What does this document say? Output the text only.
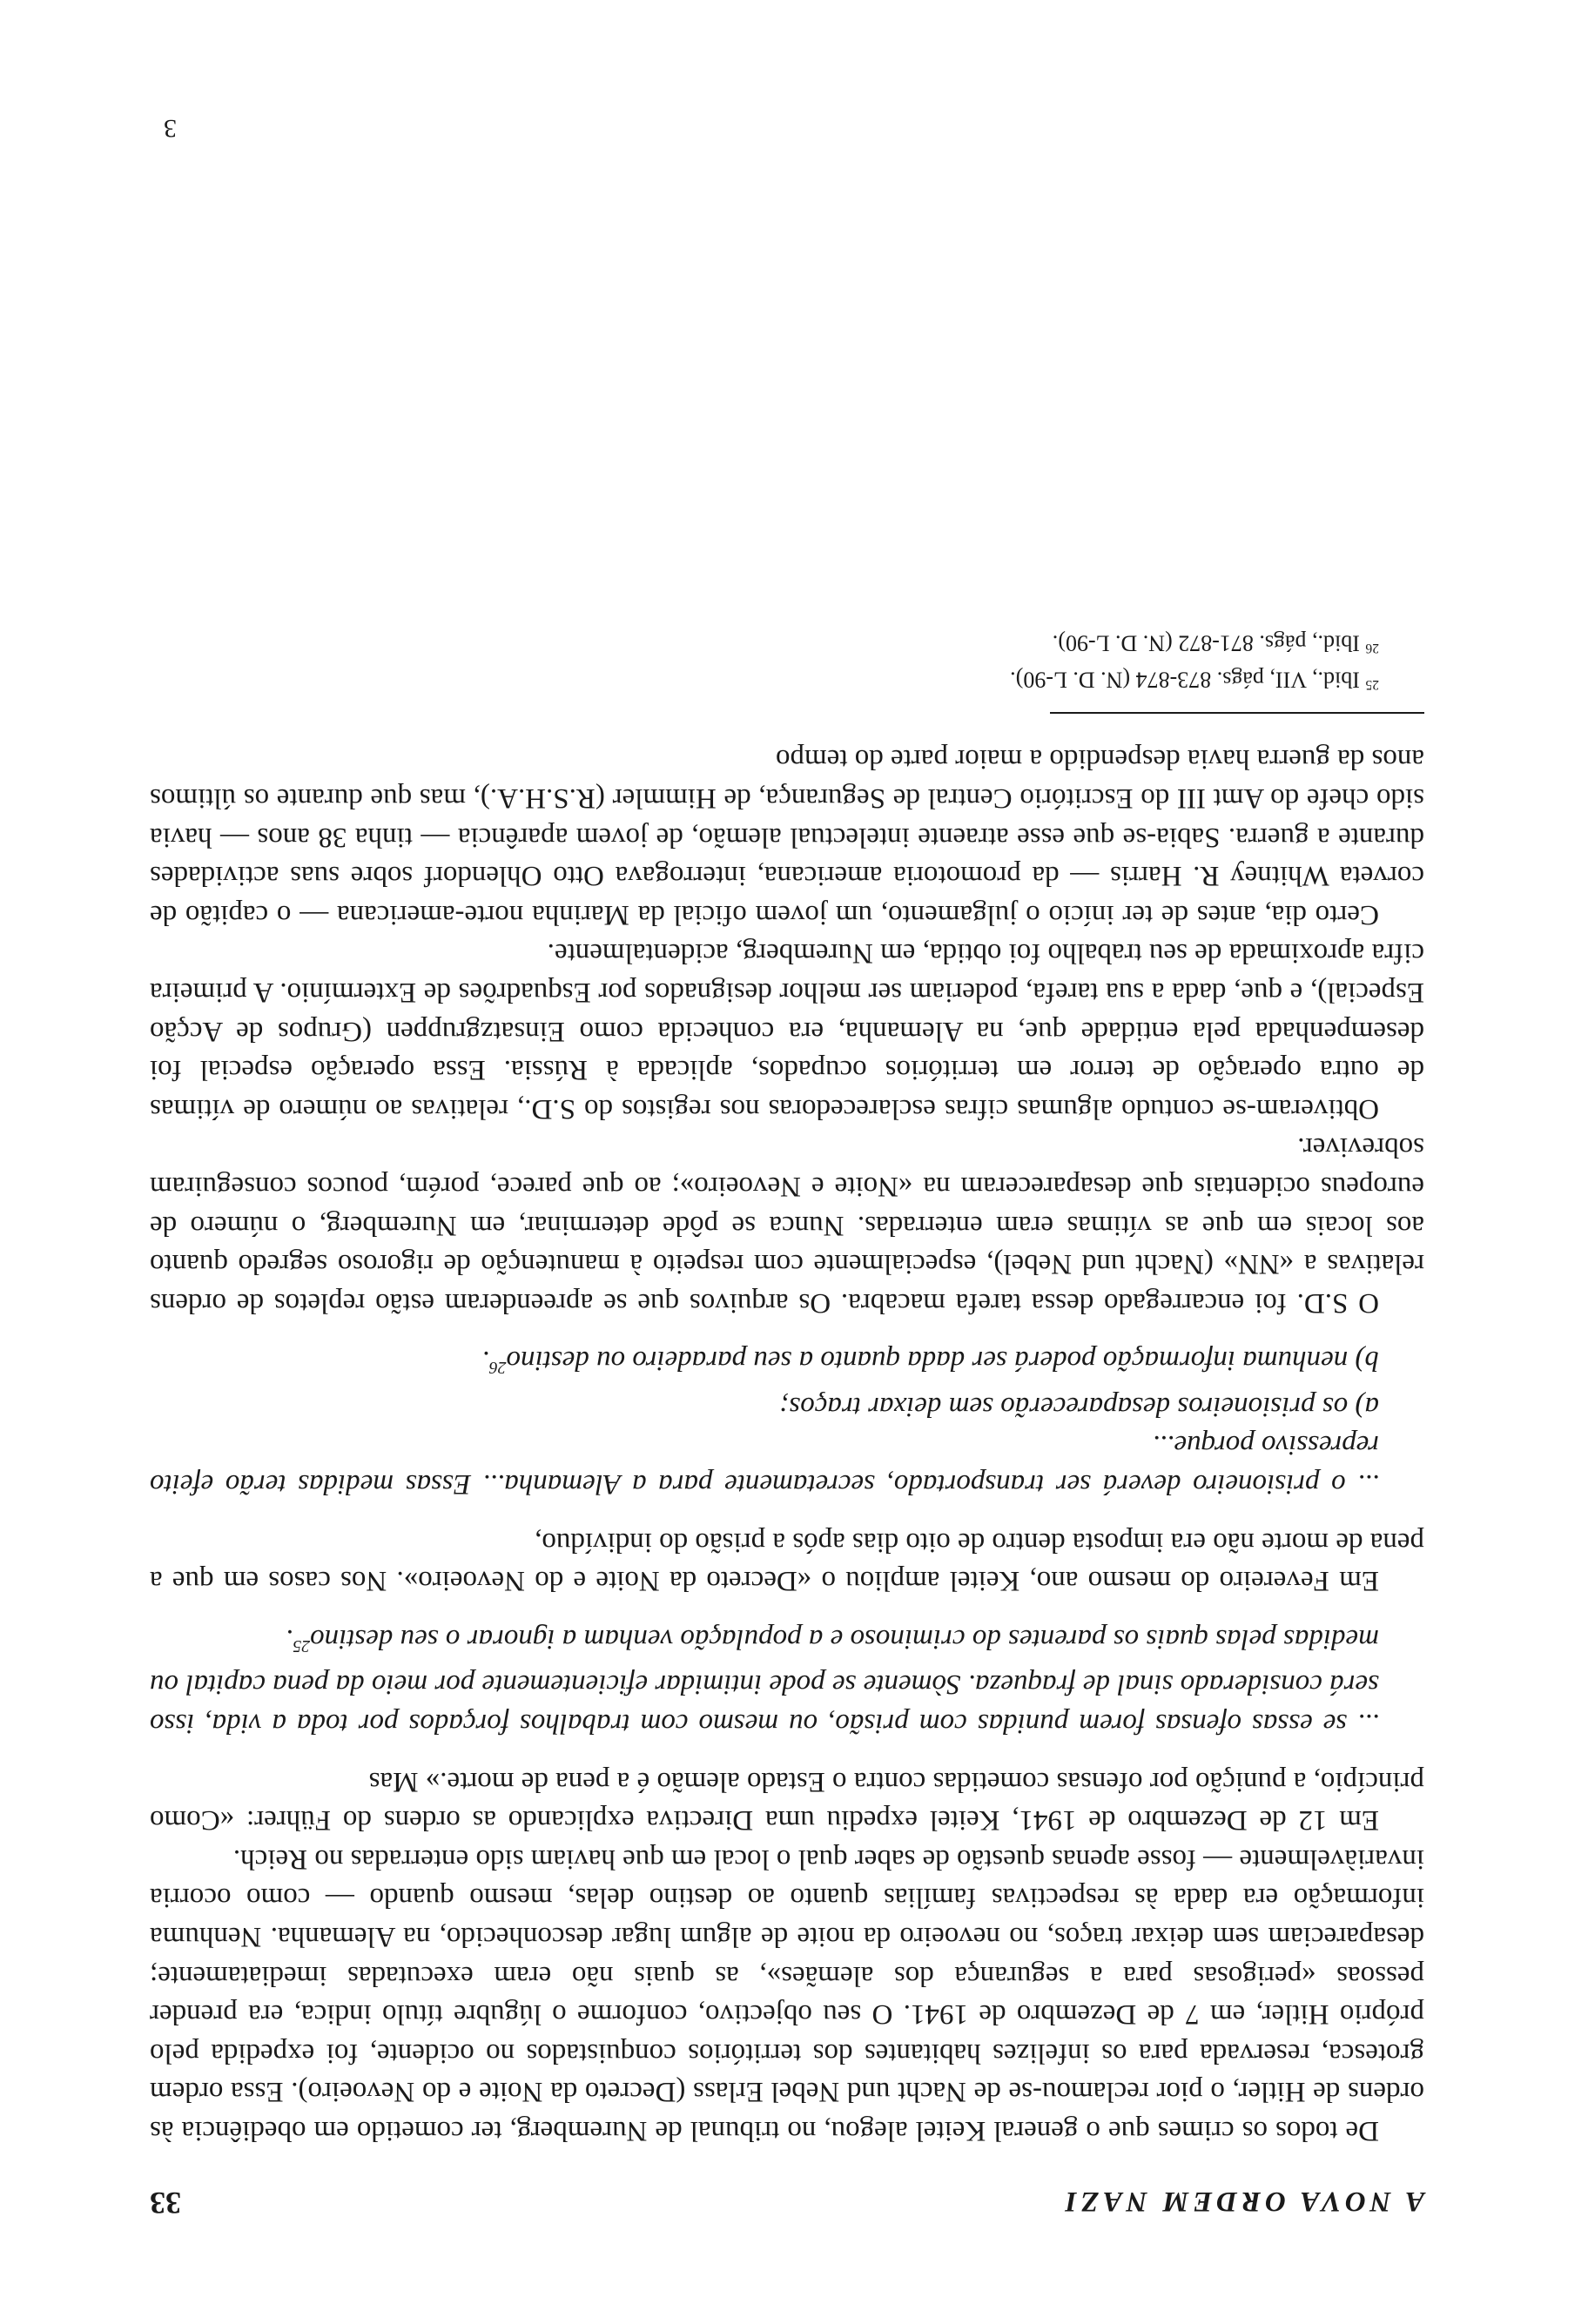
A NOVA ORDEM NAZI
33

De todos os crimes que o general Keitel alegou, no tribunal de Nuremberg, ter cometido em obediência às ordens de Hitler, o pior reclamou-se de Nacht und Nebel Erlass (Decreto da Noite e do Nevoeiro). Essa ordem grotesca, reservada para os infelizes habitantes dos territórios conquistados no ocidente, foi expedida pelo próprio Hitler, em 7 de Dezembro de 1941. O seu objectivo, conforme o lúgubre título indica, era prender pessoas «perigosas para a segurança dos alemães», as quais não eram executadas imediatamente; desapareciam sem deixar traços, no nevoeiro da noite de algum lugar desconhecido, na Alemanha. Nenhuma informação era dada às respectivas famílias quanto ao destino delas, mesmo quando — como ocorria invariàvelmente — fosse apenas questão de saber qual o local em que haviam sido enterradas no Reich.

Em 12 de Dezembro de 1941, Keitel expediu uma Directiva explicando as ordens do Führer: «Como princípio, a punição por ofensas cometidas contra o Estado alemão é a pena de morte.» Mas

... se essas ofensas forem punidas com prisão, ou mesmo com trabalhos forçados por toda a vida, isso será considerado sinal de fraqueza. Sòmente se pode intimidar eficientemente por meio da pena capital ou medidas pelas quais os parentes do criminoso e a população venham a ignorar o seu destino$^{25}$.

Em Fevereiro do mesmo ano, Keitel ampliou o «Decreto da Noite e do Nevoeiro». Nos casos em que a pena de morte não era imposta dentro de oito dias após a prisão do indivíduo,

... o prisioneiro deverá ser transportado, secretamente para a Alemanha... Essas medidas terão efeito repressivo porque...
a) os prisioneiros desaparecerão sem deixar traços;
b) nenhuma informação poderá ser dada quanto a seu paradeiro ou destino$^{26}$.

O S.D. foi encarregado dessa tarefa macabra. Os arquivos que se apreenderam estão repletos de ordens relativas a «NN» (Nacht und Nebel), especialmente com respeito à manutenção de rigoroso segredo quanto aos locais em que as vítimas eram enterradas. Nunca se pôde determinar, em Nuremberg, o número de europeus ocidentais que desapareceram na «Noite e Nevoeiro»; ao que parece, porém, poucos conseguiram sobreviver.

Obtiveram-se contudo algumas cifras esclarecedoras nos registos do S.D., relativas ao número de vítimas de outra operação de terror em territórios ocupados, aplicada à Rússia. Essa operação especial foi desempenhada pela entidade que, na Alemanha, era conhecida como Einsatzgruppen (Grupos de Acção Especial), e que, dada a sua tarefa, poderiam ser melhor designados por Esquadrões de Extermínio. A primeira cifra aproximada de seu trabalho foi obtida, em Nuremberg, acidentalmente.

Certo dia, antes de ter início o julgamento, um jovem oficial da Marinha norte-americana — o capitão de corveta Whitney R. Harris — da promotoria americana, interrogava Otto Ohlendorf sobre suas actividades durante a guerra. Sabia-se que esse atraente intelectual alemão, de jovem aparência — tinha 38 anos — havia sido chefe do Amt III do Escritório Central de Segurança, de Himmler (R.S.H.A.), mas que durante os últimos anos da guerra havia despendido a maior parte do tempo

$^{25}$ Ibid., VII, págs. 873-874 (N. D. L-90).
$^{26}$ Ibid., págs. 871-872 (N. D. L-90).
3
